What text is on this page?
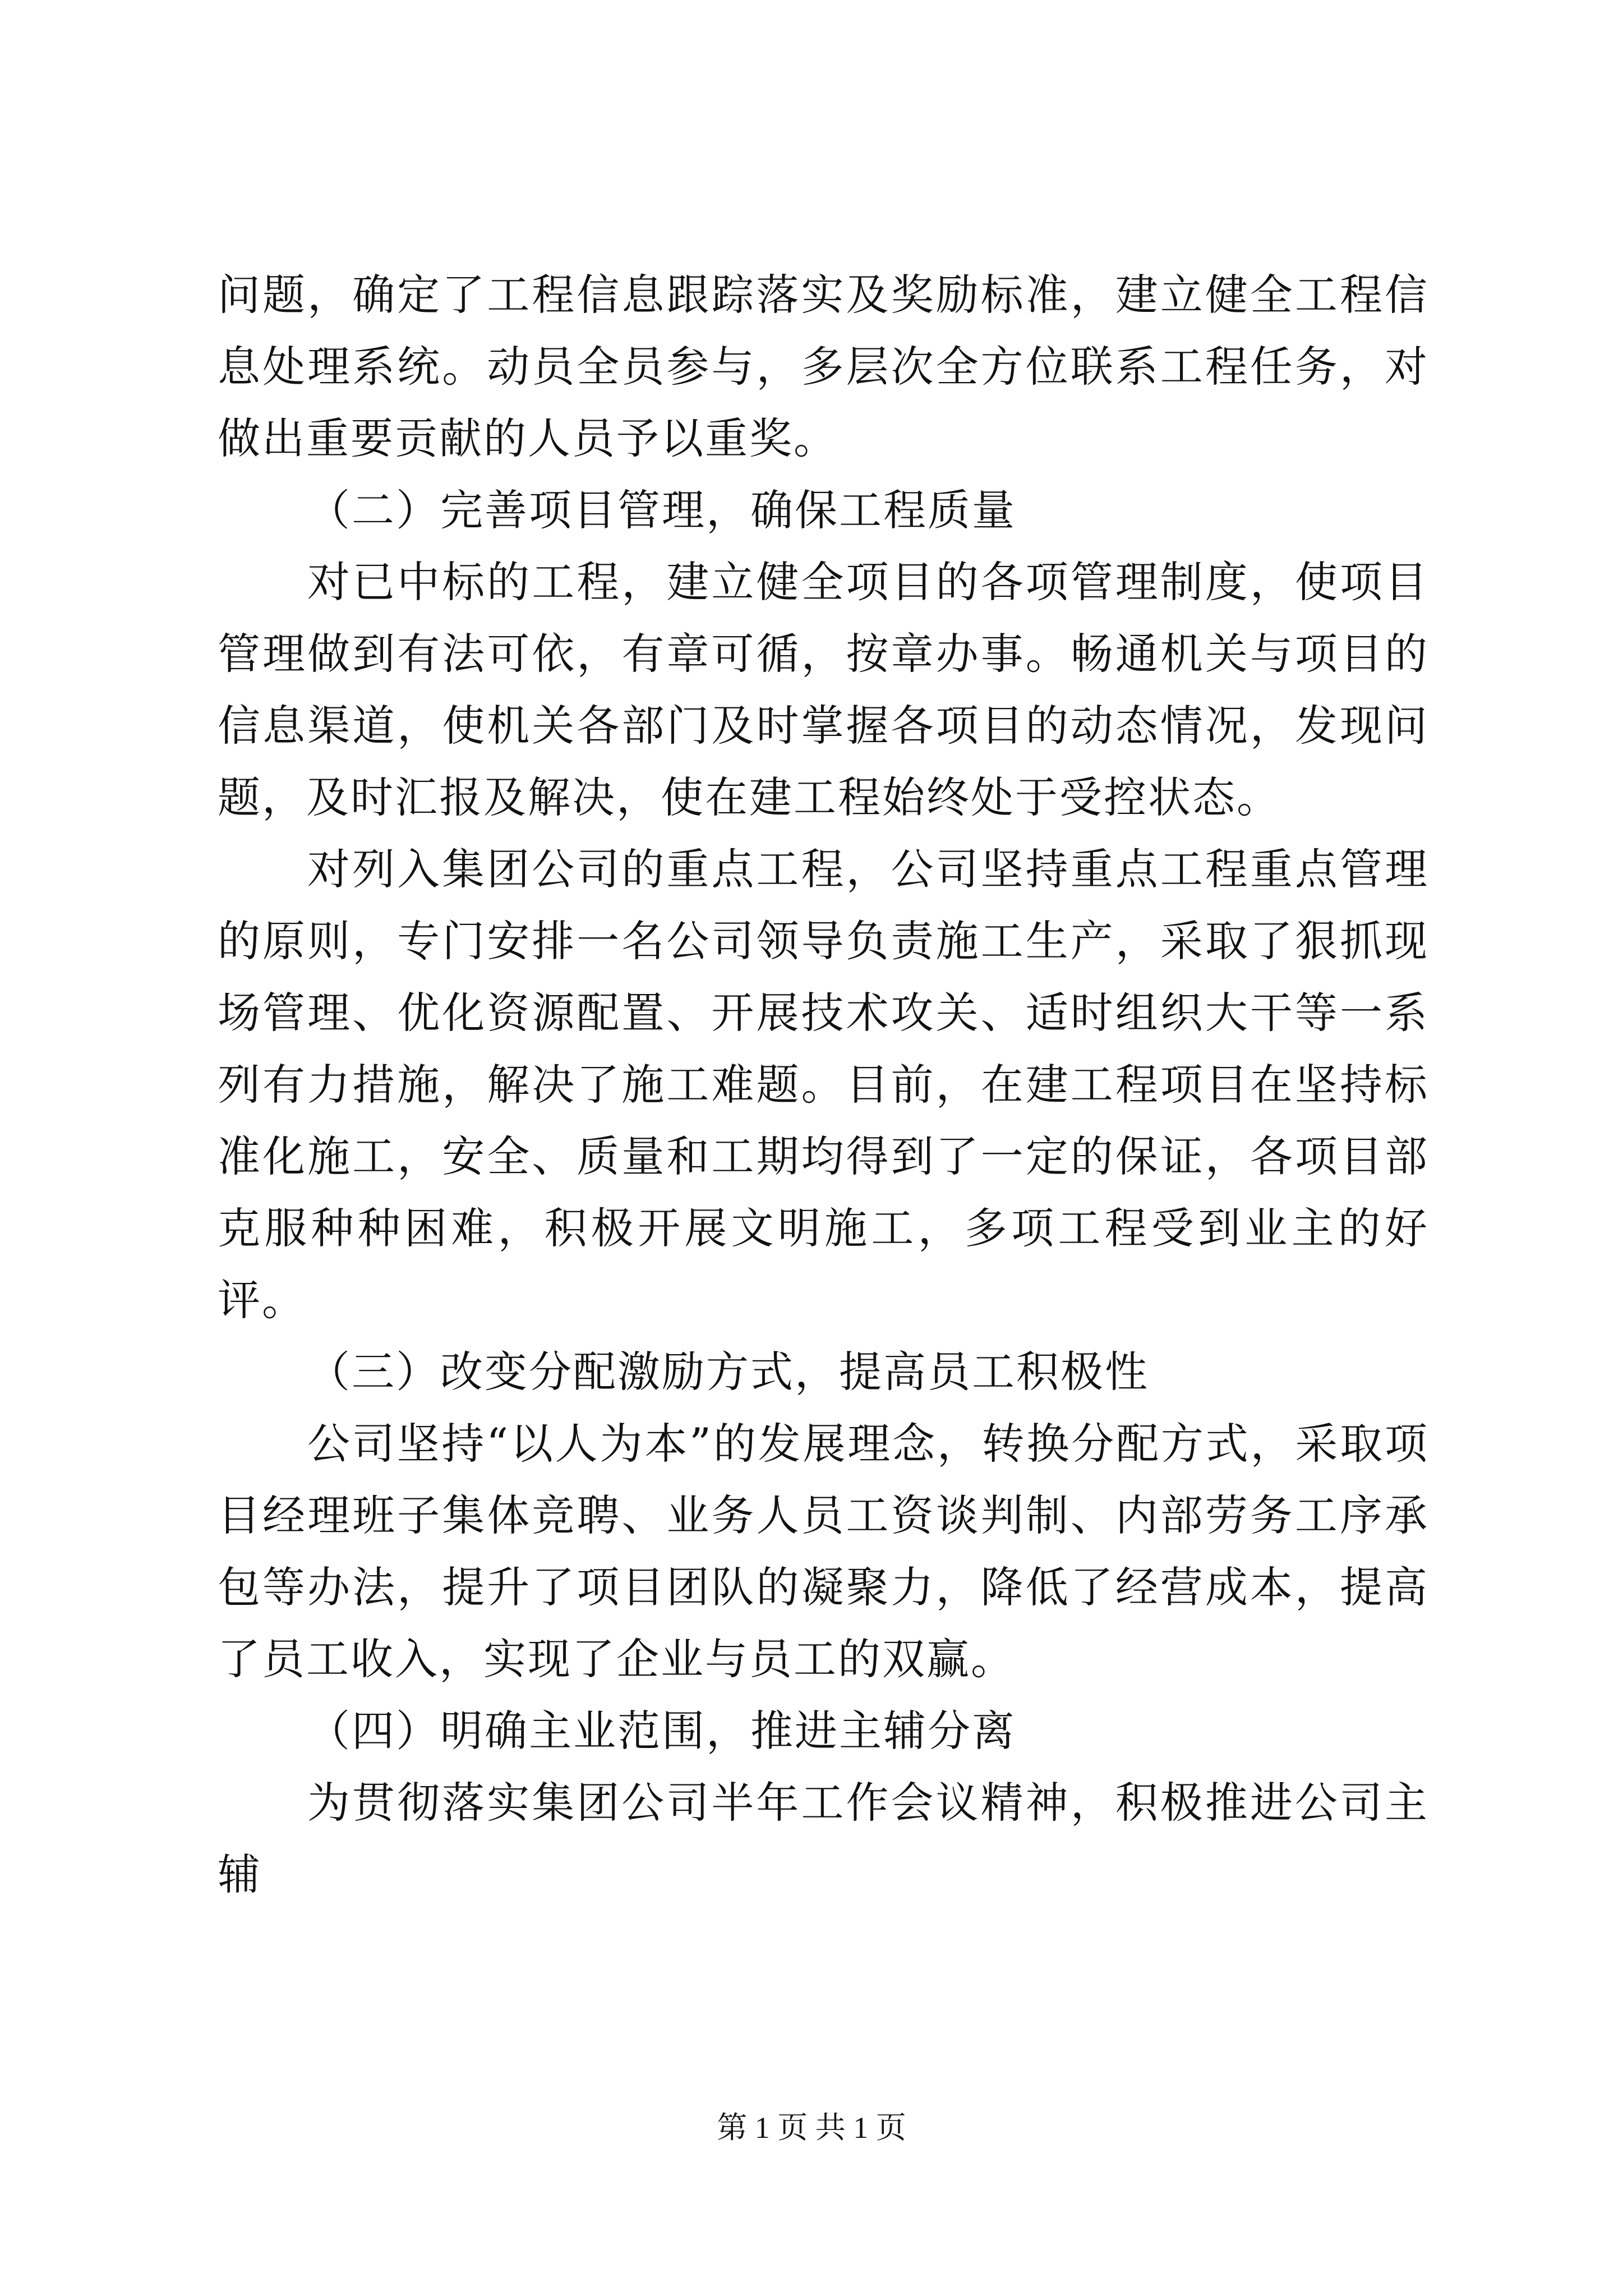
问题，确定了工程信息跟踪落实及奖励标准，建立健全工程信息处理系统。动员全员参与，多层次全方位联系工程任务，对做出重要贡献的人员予以重奖。

（二）完善项目管理，确保工程质量

对已中标的工程，建立健全项目的各项管理制度，使项目管理做到有法可依，有章可循，按章办事。畅通机关与项目的信息渠道，使机关各部门及时掌握各项目的动态情况，发现问题，及时汇报及解决，使在建工程始终处于受控状态。

对列入集团公司的重点工程，公司坚持重点工程重点管理的原则，专门安排一名公司领导负责施工生产，采取了狠抓现场管理、优化资源配置、开展技术攻关、适时组织大干等一系列有力措施，解决了施工难题。目前，在建工程项目在坚持标准化施工，安全、质量和工期均得到了一定的保证，各项目部克服种种困难，积极开展文明施工，多项工程受到业主的好评。

（三）改变分配激励方式，提高员工积极性

公司坚持“以人为本”的发展理念，转换分配方式，采取项目经理班子集体竞聘、业务人员工资谈判制、内部劳务工序承包等办法，提升了项目团队的凝聚力，降低了经营成本，提高了员工收入，实现了企业与员工的双赢。

（四）明确主业范围，推进主辅分离

为贯彻落实集团公司半年工作会议精神，积极推进公司主辅

第 1 页 共 1 页
